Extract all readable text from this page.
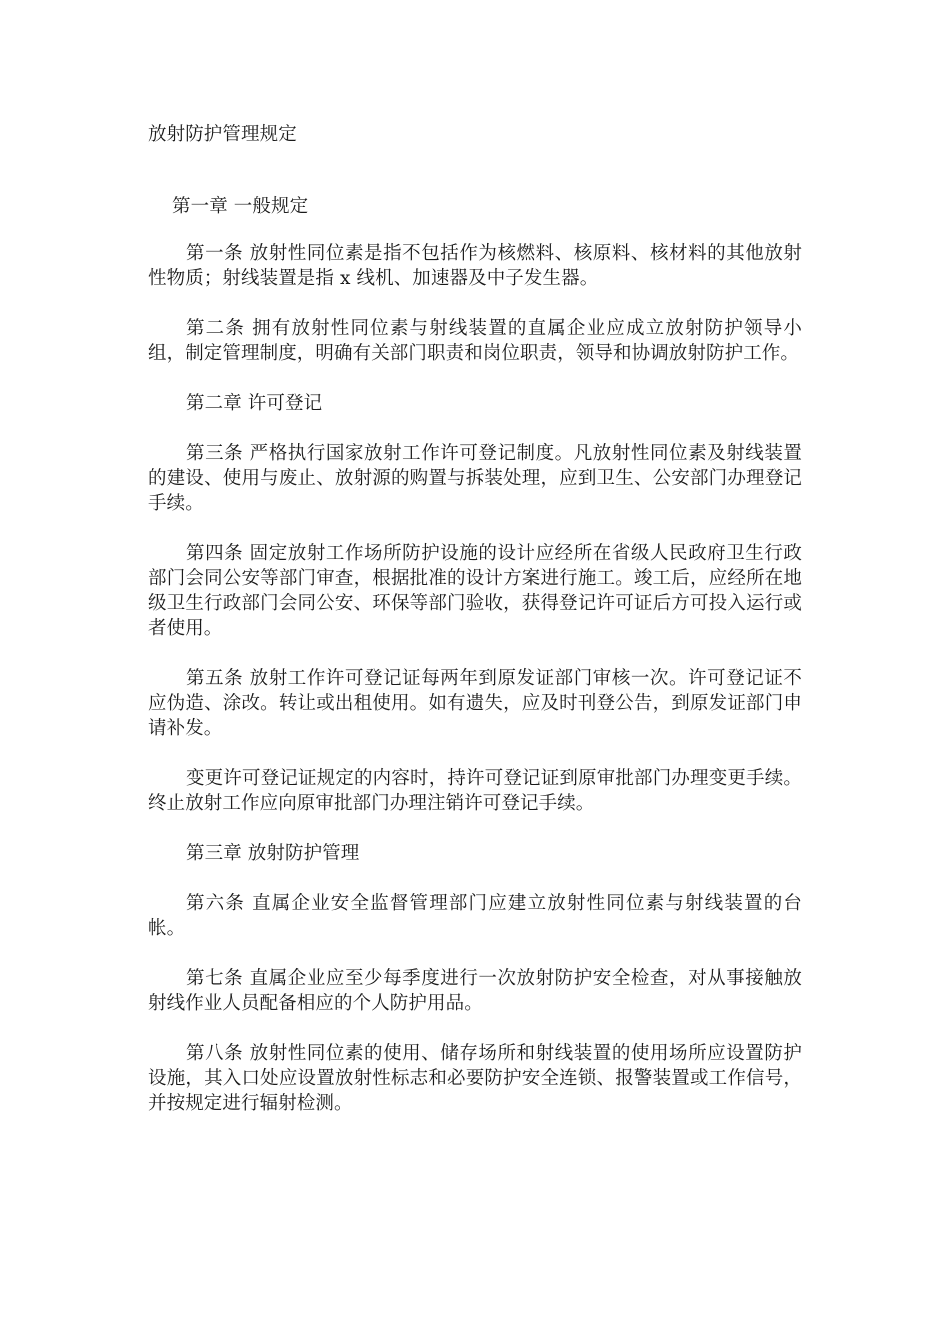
放射防护管理规定

第一章 一般规定

第一条 放射性同位素是指不包括作为核燃料、核原料、核材料的其他放射性物质；射线装置是指 x 线机、加速器及中子发生器。

第二条 拥有放射性同位素与射线装置的直属企业应成立放射防护领导小组，制定管理制度，明确有关部门职责和岗位职责，领导和协调放射防护工作。

第二章 许可登记

第三条 严格执行国家放射工作许可登记制度。凡放射性同位素及射线装置的建设、使用与废止、放射源的购置与拆装处理，应到卫生、公安部门办理登记手续。

第四条 固定放射工作场所防护设施的设计应经所在省级人民政府卫生行政部门会同公安等部门审查，根据批准的设计方案进行施工。竣工后，应经所在地级卫生行政部门会同公安、环保等部门验收，获得登记许可证后方可投入运行或者使用。

第五条 放射工作许可登记证每两年到原发证部门审核一次。许可登记证不应伪造、涂改。转让或出租使用。如有遗失，应及时刊登公告，到原发证部门申请补发。

变更许可登记证规定的内容时，持许可登记证到原审批部门办理变更手续。终止放射工作应向原审批部门办理注销许可登记手续。

第三章 放射防护管理

第六条 直属企业安全监督管理部门应建立放射性同位素与射线装置的台帐。

第七条 直属企业应至少每季度进行一次放射防护安全检查，对从事接触放射线作业人员配备相应的个人防护用品。

第八条 放射性同位素的使用、储存场所和射线装置的使用场所应设置防护设施，其入口处应设置放射性标志和必要防护安全连锁、报警装置或工作信号，并按规定进行辐射检测。
